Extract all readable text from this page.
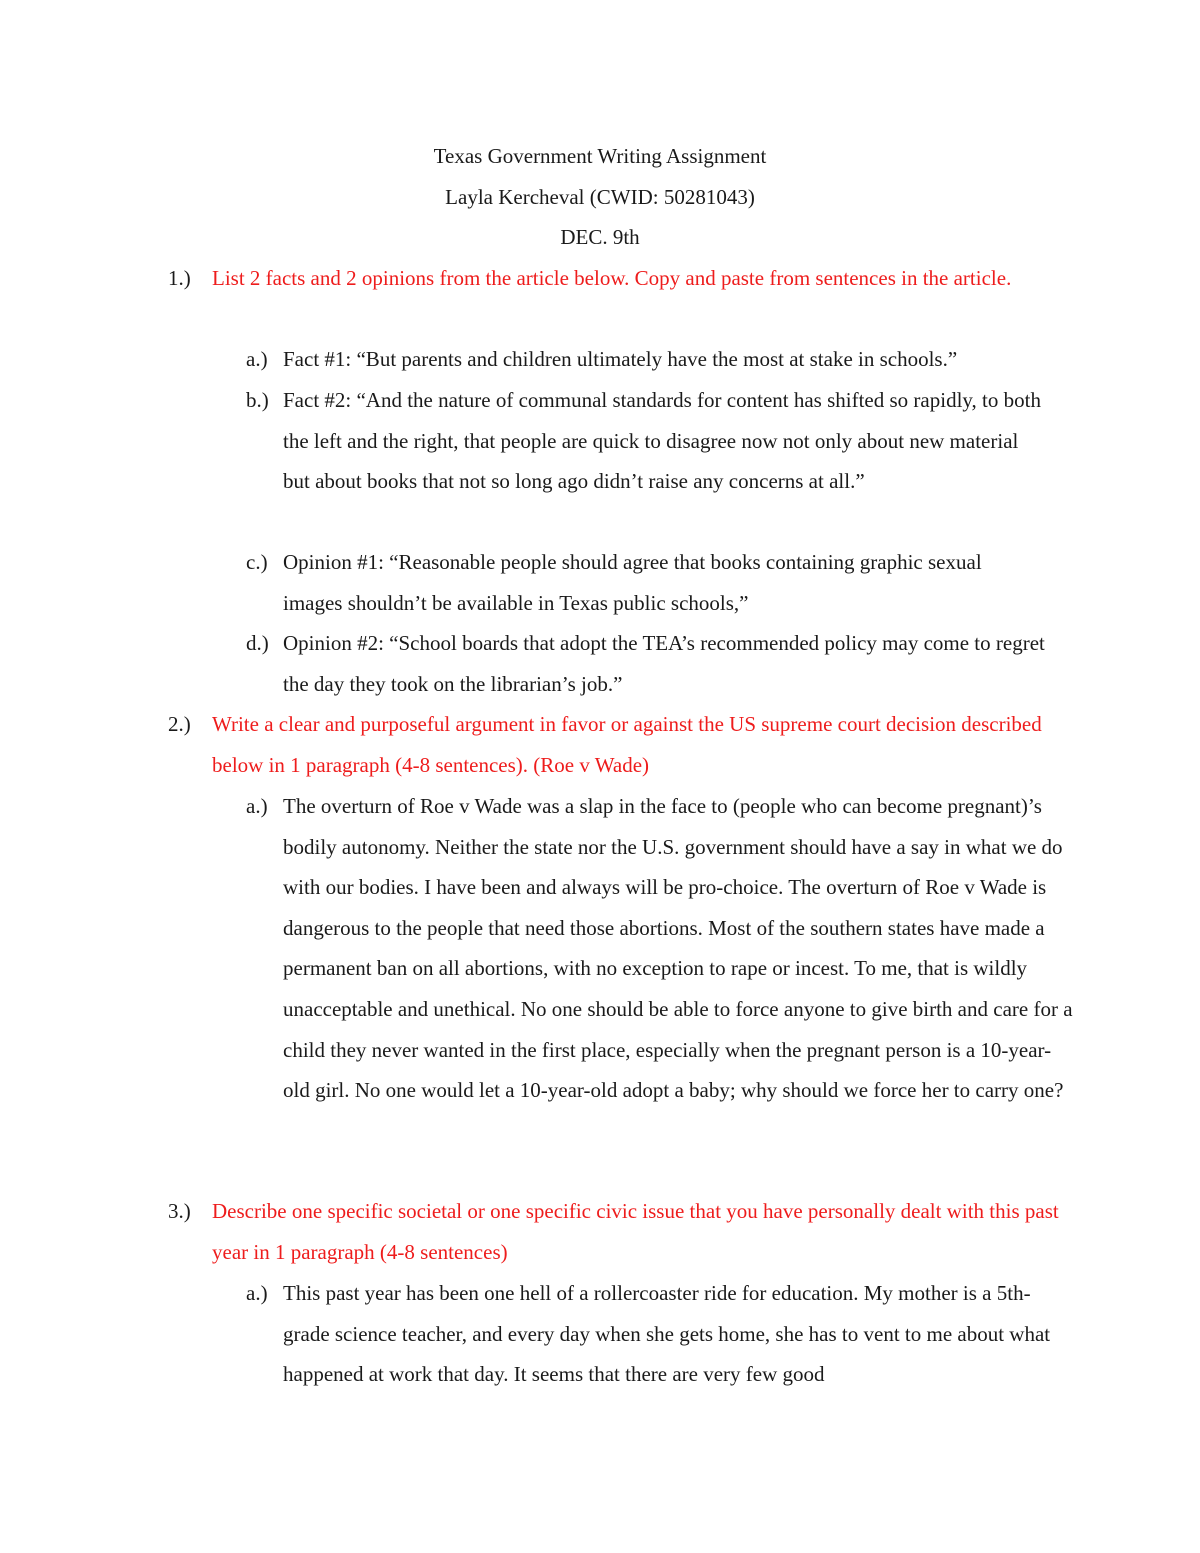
Texas Government Writing Assignment
Layla Kercheval (CWID: 50281043)
DEC. 9th
1.)	List 2 facts and 2 opinions from the article below. Copy and paste from sentences in the article.
a.) Fact #1: “But parents and children ultimately have the most at stake in schools.”
b.) Fact #2: “And the nature of communal standards for content has shifted so rapidly, to both the left and the right, that people are quick to disagree now not only about new material but about books that not so long ago didn’t raise any concerns at all.”
c.) Opinion #1: “Reasonable people should agree that books containing graphic sexual images shouldn’t be available in Texas public schools,”
d.) Opinion #2: “School boards that adopt the TEA’s recommended policy may come to regret the day they took on the librarian’s job.”
2.)	Write a clear and purposeful argument in favor or against the US supreme court decision described below in 1 paragraph (4-8 sentences). (Roe v Wade)
a.) The overturn of Roe v Wade was a slap in the face to (people who can become pregnant)’s bodily autonomy. Neither the state nor the U.S. government should have a say in what we do with our bodies. I have been and always will be pro-choice. The overturn of Roe v Wade is dangerous to the people that need those abortions. Most of the southern states have made a permanent ban on all abortions, with no exception to rape or incest. To me, that is wildly unacceptable and unethical. No one should be able to force anyone to give birth and care for a child they never wanted in the first place, especially when the pregnant person is a 10-year-old girl. No one would let a 10-year-old adopt a baby; why should we force her to carry one?
3.)	Describe one specific societal or one specific civic issue that you have personally dealt with this past year in 1 paragraph (4-8 sentences)
a.) This past year has been one hell of a rollercoaster ride for education. My mother is a 5th-grade science teacher, and every day when she gets home, she has to vent to me about what happened at work that day. It seems that there are very few good
